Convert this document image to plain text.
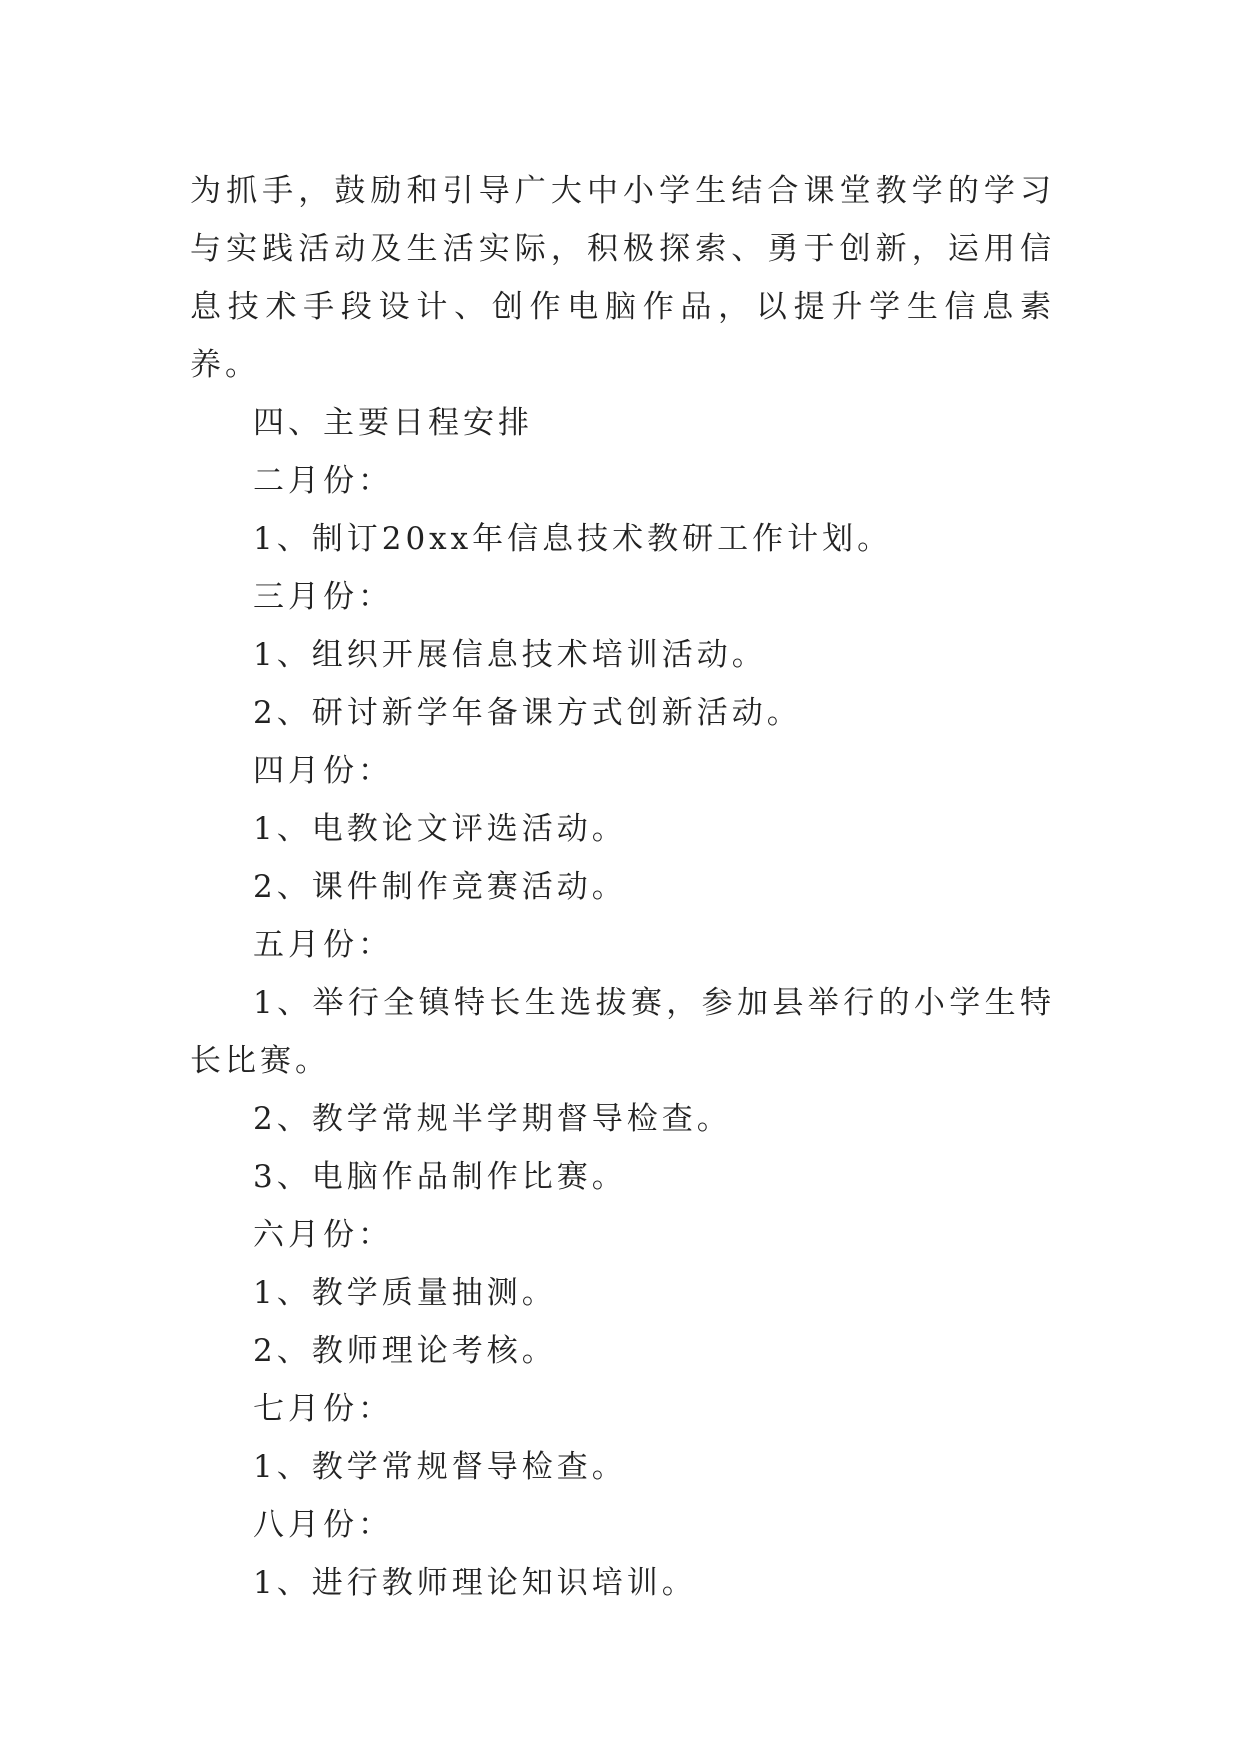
为抓手，鼓励和引导广大中小学生结合课堂教学的学习与实践活动及生活实际，积极探索、勇于创新，运用信息技术手段设计、创作电脑作品，以提升学生信息素养。

四、主要日程安排

二月份：

1、制订20xx年信息技术教研工作计划。

三月份：

1、组织开展信息技术培训活动。

2、研讨新学年备课方式创新活动。

四月份：

1、电教论文评选活动。

2、课件制作竞赛活动。

五月份：

1、举行全镇特长生选拔赛，参加县举行的小学生特长比赛。

2、教学常规半学期督导检查。

3、电脑作品制作比赛。

六月份：

1、教学质量抽测。

2、教师理论考核。

七月份：

1、教学常规督导检查。

八月份：

1、进行教师理论知识培训。
